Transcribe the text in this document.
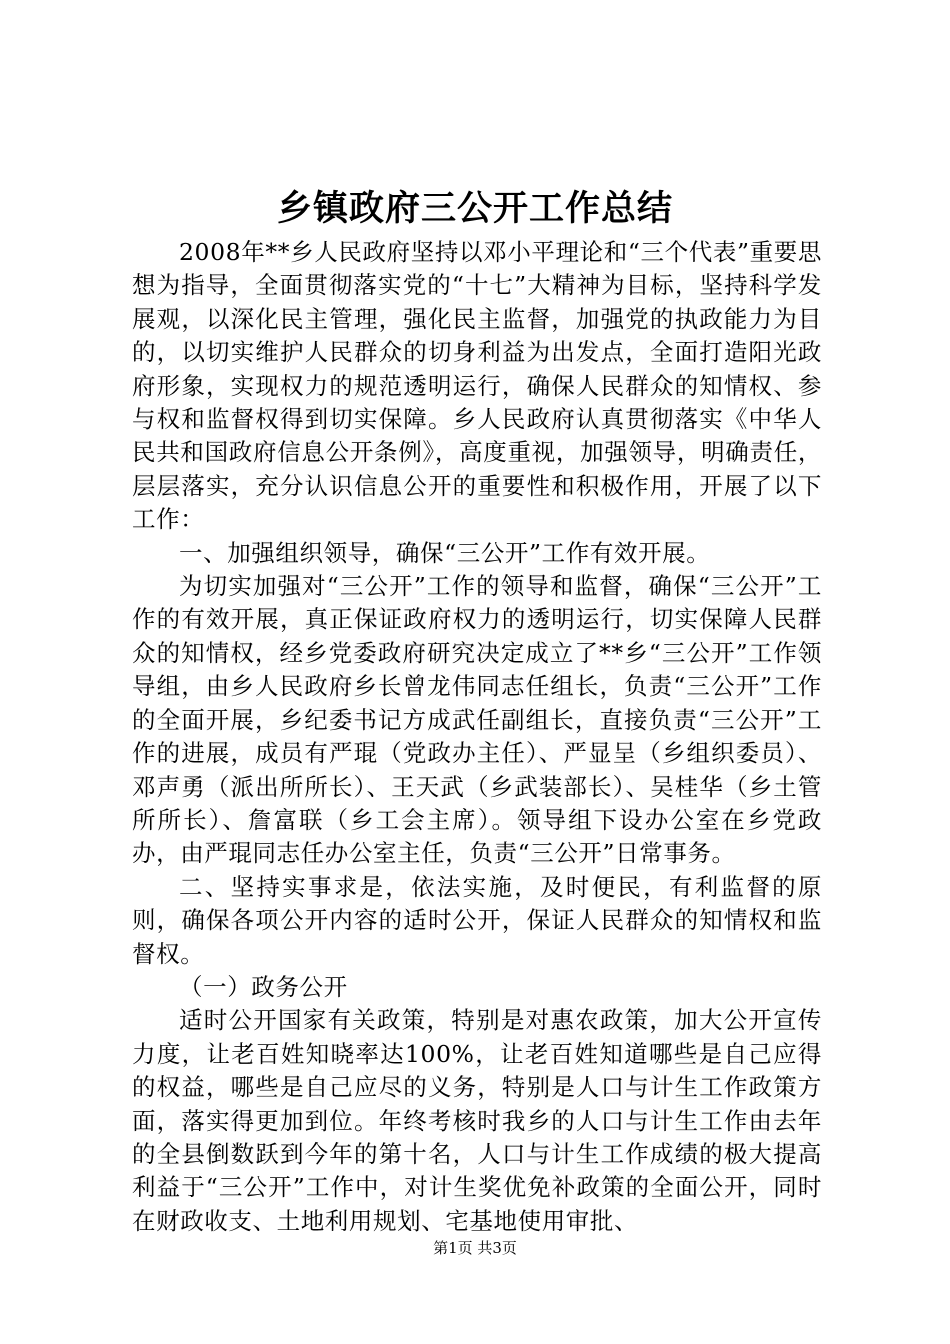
乡镇政府三公开工作总结

2008年**乡人民政府坚持以邓小平理论和“三个代表”重要思想为指导，全面贯彻落实党的“十七”大精神为目标，坚持科学发展观，以深化民主管理，强化民主监督，加强党的执政能力为目的，以切实维护人民群众的切身利益为出发点，全面打造阳光政府形象，实现权力的规范透明运行，确保人民群众的知情权、参与权和监督权得到切实保障。乡人民政府认真贯彻落实《中华人民共和国政府信息公开条例》，高度重视，加强领导，明确责任，层层落实，充分认识信息公开的重要性和积极作用，开展了以下工作：

一、加强组织领导，确保“三公开”工作有效开展。

为切实加强对“三公开”工作的领导和监督，确保“三公开”工作的有效开展，真正保证政府权力的透明运行，切实保障人民群众的知情权，经乡党委政府研究决定成立了**乡“三公开”工作领导组，由乡人民政府乡长曾龙伟同志任组长，负责“三公开”工作的全面开展，乡纪委书记方成武任副组长，直接负责“三公开”工作的进展，成员有严琨（党政办主任）、严显呈（乡组织委员）、邓声勇（派出所所长）、王天武（乡武装部长）、吴桂华（乡土管所所长）、詹富联（乡工会主席）。领导组下设办公室在乡党政办，由严琨同志任办公室主任，负责“三公开”日常事务。

二、坚持实事求是，依法实施，及时便民，有利监督的原则，确保各项公开内容的适时公开，保证人民群众的知情权和监督权。

（一）政务公开

适时公开国家有关政策，特别是对惠农政策，加大公开宣传力度，让老百姓知晓率达100%，让老百姓知道哪些是自己应得的权益，哪些是自己应尽的义务，特别是人口与计生工作政策方面，落实得更加到位。年终考核时我乡的人口与计生工作由去年的全县倒数跃到今年的第十名，人口与计生工作成绩的极大提高利益于“三公开”工作中，对计生奖优免补政策的全面公开，同时在财政收支、土地利用规划、宅基地使用审批、

第1页 共3页
